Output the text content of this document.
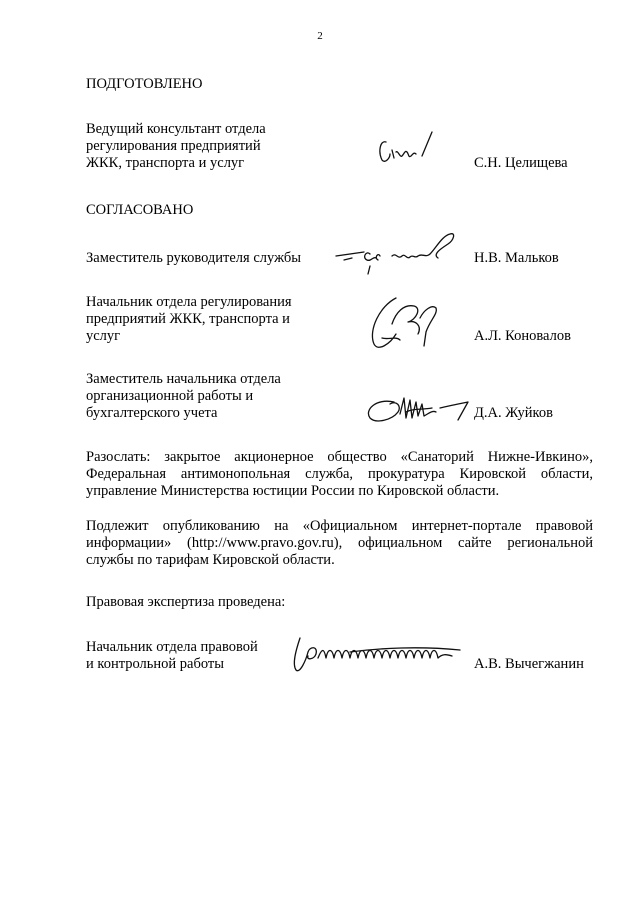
2
ПОДГОТОВЛЕНО
Ведущий консультант отдела
регулирования предприятий
ЖКК, транспорта и услуг	С.Н. Целищева
СОГЛАСОВАНО
Заместитель руководителя службы	Н.В. Мальков
Начальник отдела регулирования
предприятий ЖКК, транспорта и
услуг	А.Л. Коновалов
Заместитель начальника отдела
организационной работы и
бухгалтерского учета	Д.А. Жуйков
Разослать: закрытое акционерное общество «Санаторий Нижне-Ивкино»,
Федеральная антимонопольная служба, прокуратура Кировской области,
управление Министерства юстиции России по Кировской области.
Подлежит опубликованию на «Официальном интернет-портале правовой
информации» (http://www.pravo.gov.ru), официальном сайте региональной
службы по тарифам Кировской области.
Правовая экспертиза проведена:
Начальник отдела правовой
и контрольной работы	А.В. Вычегжанин
